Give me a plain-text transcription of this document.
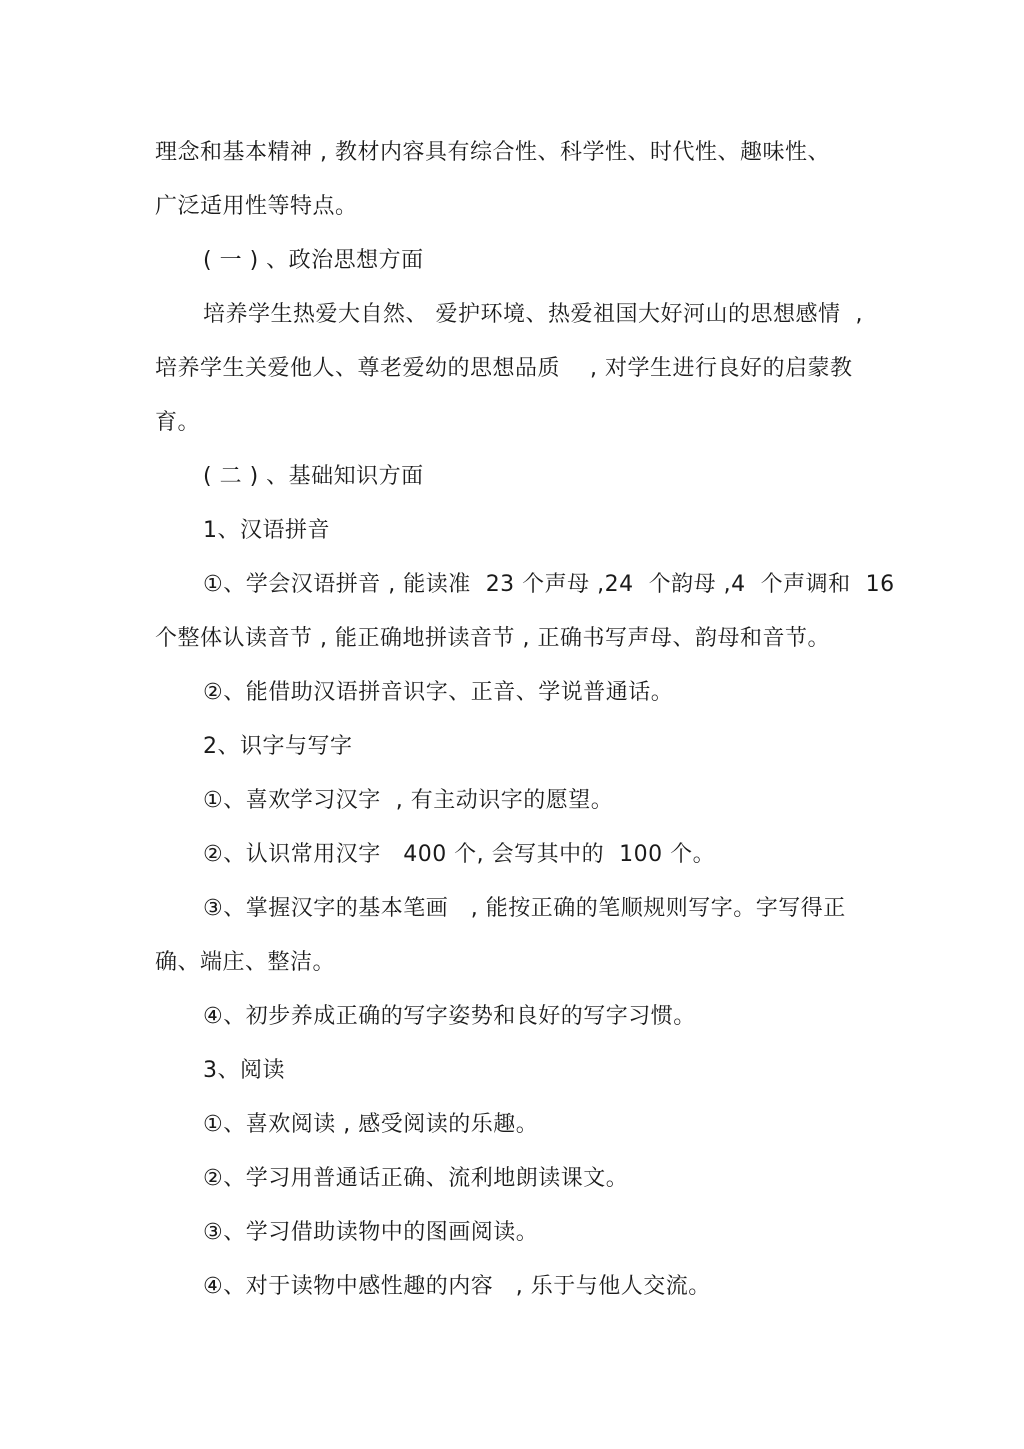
理念和基本精神 , 教材内容具有综合性、科学性、时代性、趣味性、
广泛适用性等特点。
( 一 ) 、政治思想方面
培养学生热爱大自然、 爱护环境、热爱祖国大好河山的思想感情  ,
培养学生关爱他人、尊老爱幼的思想品质    , 对学生进行良好的启蒙教
育。
( 二 ) 、基础知识方面
1、汉语拼音
①、学会汉语拼音 , 能读准  23 个声母 ,24  个韵母 ,4  个声调和  16
个整体认读音节 , 能正确地拼读音节 , 正确书写声母、韵母和音节。
②、能借助汉语拼音识字、正音、学说普通话。
2、识字与写字
①、喜欢学习汉字  , 有主动识字的愿望。
②、认识常用汉字   400 个, 会写其中的  100 个。
③、掌握汉字的基本笔画   , 能按正确的笔顺规则写字。字写得正
确、端庄、整洁。
④、初步养成正确的写字姿势和良好的写字习惯。
3、阅读
①、喜欢阅读 , 感受阅读的乐趣。
②、学习用普通话正确、流利地朗读课文。
③、学习借助读物中的图画阅读。
④、对于读物中感性趣的内容   , 乐于与他人交流。
